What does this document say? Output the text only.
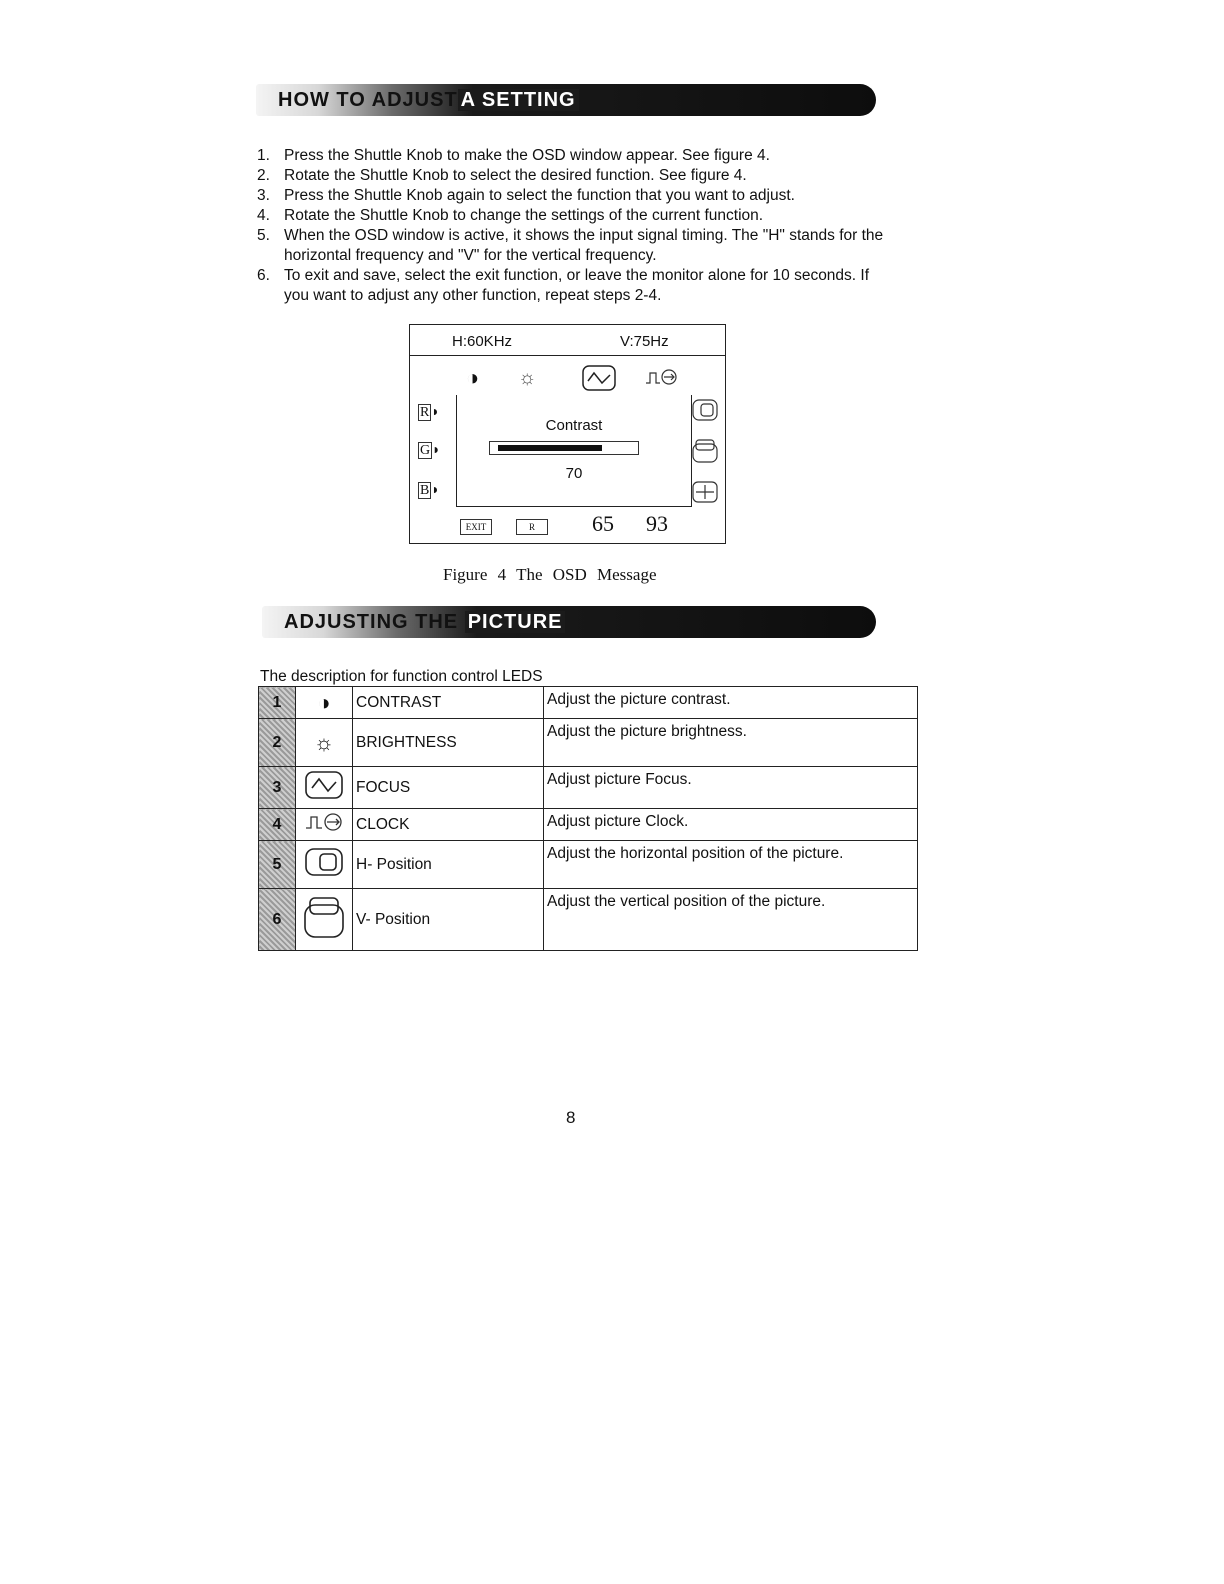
HOW TO ADJUST A SETTING
1. Press the Shuttle Knob to make the OSD window appear. See figure 4.
2. Rotate the Shuttle Knob to select the desired function. See figure 4.
3. Press the Shuttle Knob again to select the function that you want to adjust.
4. Rotate the Shuttle Knob to change the settings of the current function.
5. When the OSD window is active, it shows the input signal timing. The "H" stands for the horizontal frequency and "V" for the vertical frequency.
6. To exit and save, select the exit function, or leave the monitor alone for 10 seconds. If you want to adjust any other function, repeat steps 2-4.
H:60KHz	V:75Hz
◑ ☼
R ◗
G ◗
B ◗
Contrast
70
EXIT	R	65 93
Figure 4 The OSD Message
ADJUSTING THE PICTURE
The description for function control LEDS
1	◑	CONTRAST	Adjust the picture contrast.
2	☼	BRIGHTNESS	Adjust the picture brightness.
3		FOCUS	Adjust picture Focus.
4		CLOCK	Adjust picture Clock.
5		H- Position	Adjust the horizontal position of the picture.
6		V- Position	Adjust the vertical position of the picture.
8
